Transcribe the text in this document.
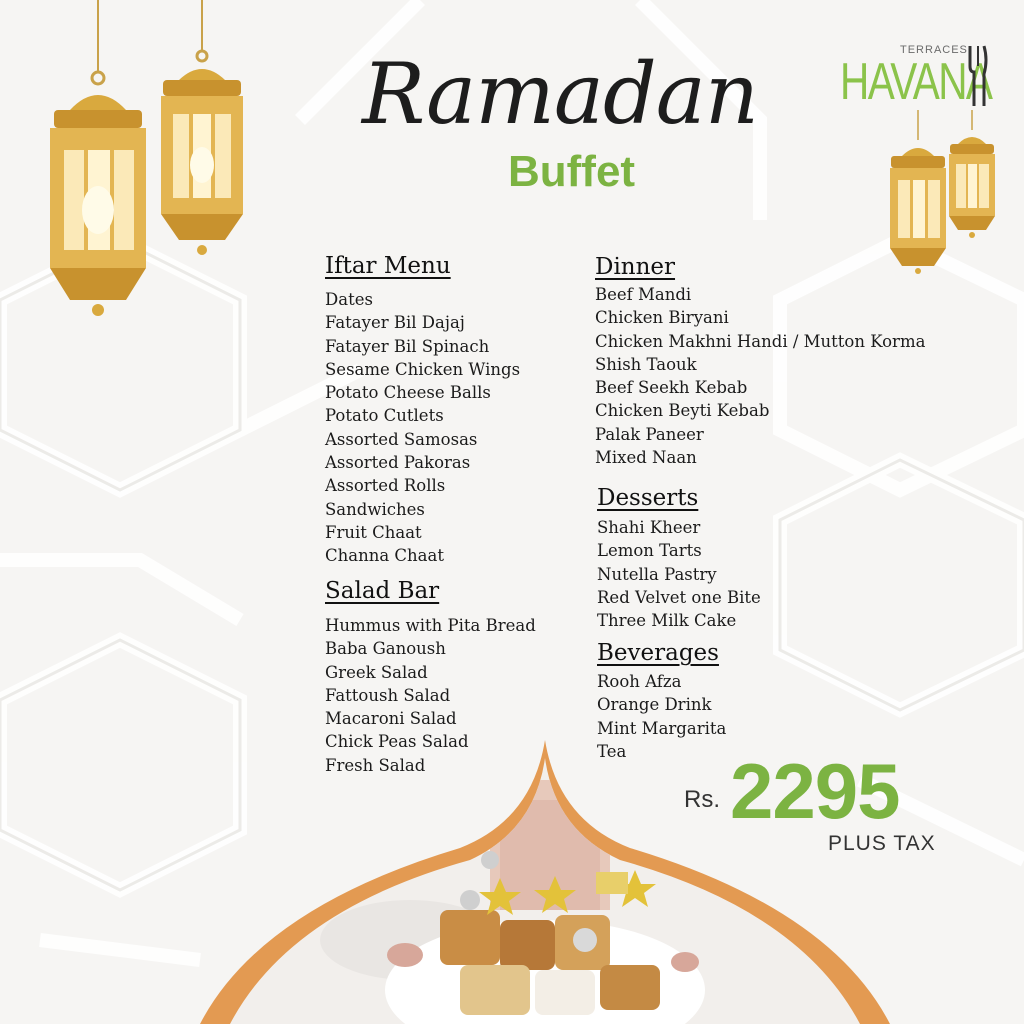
Ramadan
Buffet
TERRACES
HAVANA
Iftar Menu
Dates
Fatayer Bil Dajaj
Fatayer Bil Spinach
Sesame Chicken Wings
Potato Cheese Balls
Potato Cutlets
Assorted Samosas
Assorted Pakoras
Assorted Rolls
Sandwiches
Fruit Chaat
Channa Chaat
Salad Bar
Hummus with Pita Bread
Baba Ganoush
Greek Salad
Fattoush Salad
Macaroni Salad
Chick Peas Salad
Fresh Salad
Dinner
Beef Mandi
Chicken Biryani
Chicken Makhni Handi / Mutton Korma
Shish Taouk
Beef Seekh Kebab
Chicken Beyti Kebab
Palak Paneer
Mixed Naan
Desserts
Shahi Kheer
Lemon Tarts
Nutella Pastry
Red Velvet one Bite
Three Milk Cake
Beverages
Rooh Afza
Orange Drink
Mint Margarita
Tea
Rs. 2295
PLUS TAX
